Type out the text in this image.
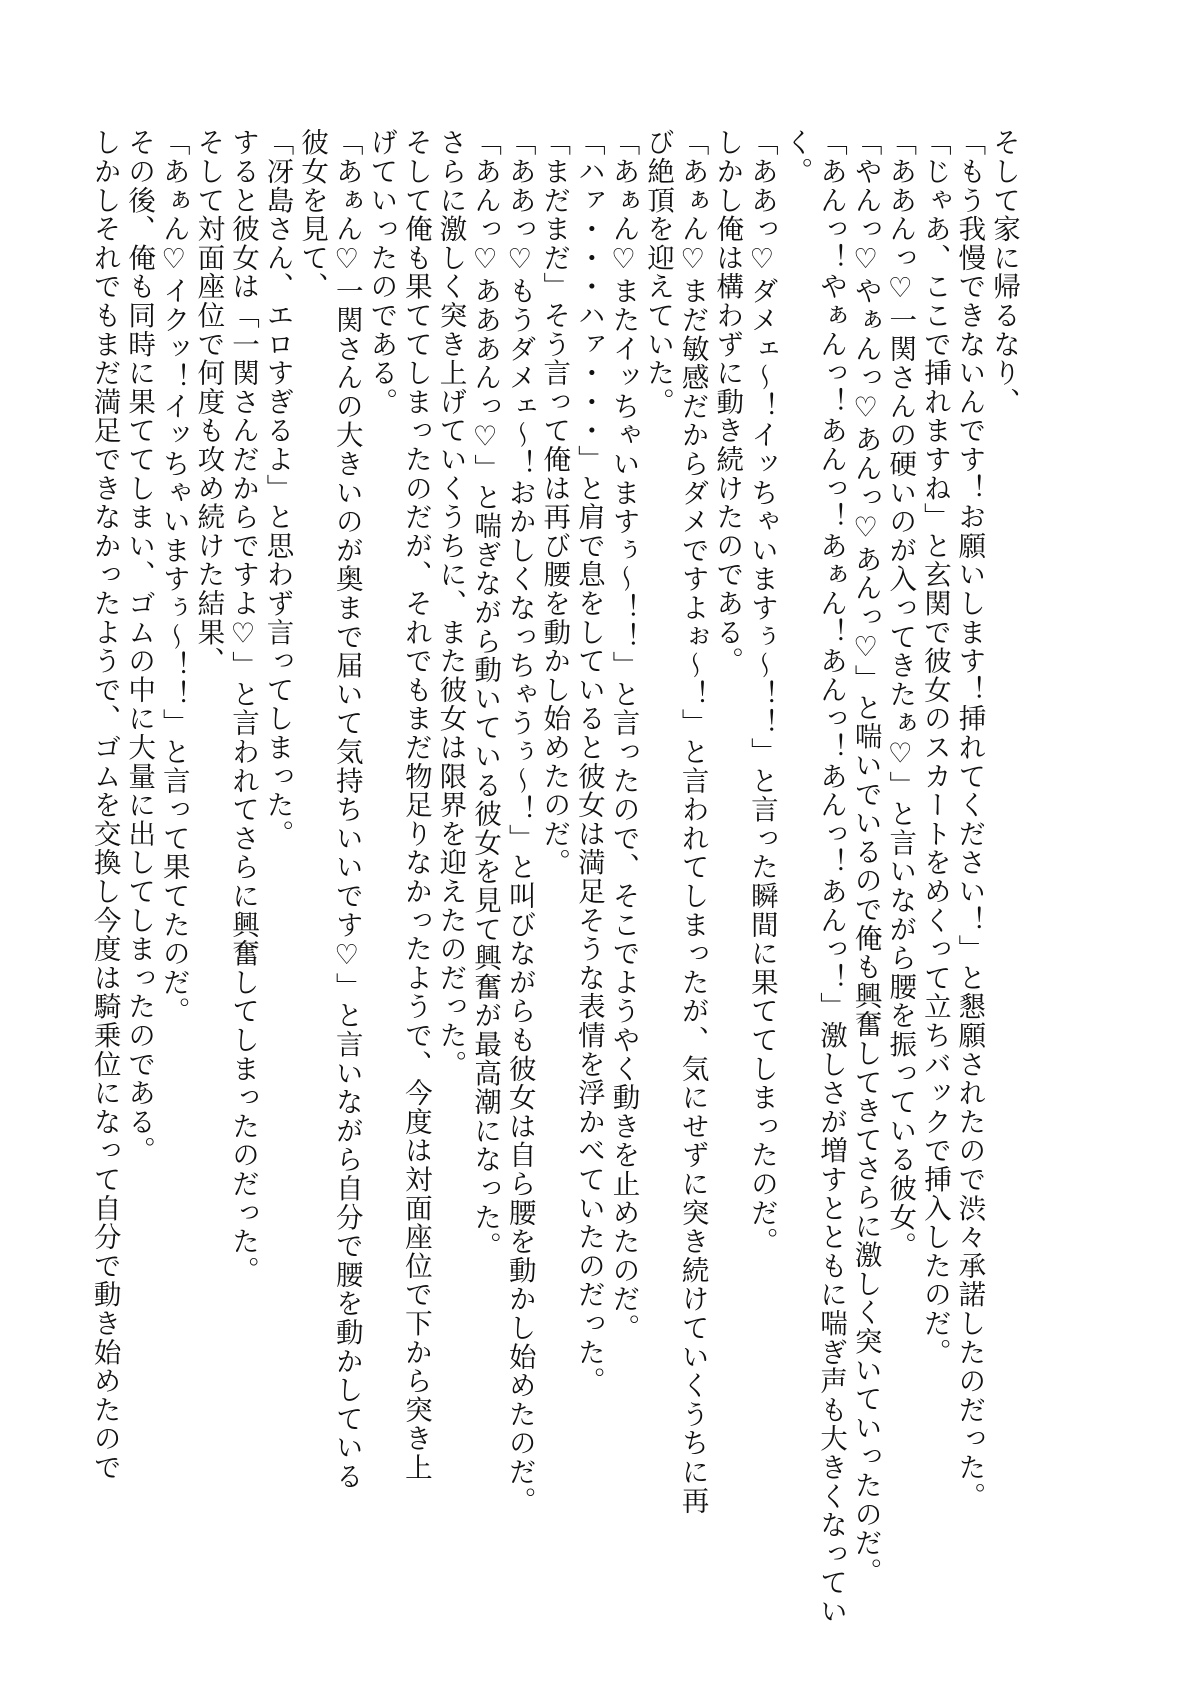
そして家に帰るなり、
「もう我慢できないんです！お願いします！挿れてください！」と懇願されたので渋々承諾したのだった。
「じゃあ、ここで挿れますね」と玄関で彼女のスカートをめくって立ちバックで挿入したのだ。
「ああんっ♡一関さんの硬いのが入ってきたぁ♡」と言いながら腰を振っている彼女。
「やんっ♡やぁんっ♡あんっ♡あんっ♡」と喘いでいるので俺も興奮してきてさらに激しく突いていったのだ。
「あんっ！やぁんっ！あんっ！あぁん！あんっ！あんっ！あんっ！」激しさが増すとともに喘ぎ声も大きくなってい
く。
「ああっ♡ダメェ～！イッちゃいますぅ～！！」と言った瞬間に果ててしまったのだ。
しかし俺は構わずに動き続けたのである。
「あぁん♡まだ敏感だからダメですよぉ～！」と言われてしまったが、気にせずに突き続けていくうちに再
び絶頂を迎えていた。
「あぁん♡またイッちゃいますぅ～！！」と言ったので、そこでようやく動きを止めたのだ。
「ハァ・・・ハァ・・・」と肩で息をしていると彼女は満足そうな表情を浮かべていたのだった。
「まだまだ」そう言って俺は再び腰を動かし始めたのだ。
「ああっ♡もうダメェ～！おかしくなっちゃうぅ～！」と叫びながらも彼女は自ら腰を動かし始めたのだ。
「あんっ♡あああんっ♡」と喘ぎながら動いている彼女を見て興奮が最高潮になった。
さらに激しく突き上げていくうちに、また彼女は限界を迎えたのだった。
そして俺も果ててしまったのだが、それでもまだ物足りなかったようで、今度は対面座位で下から突き上
げていったのである。
「あぁん♡一関さんの大きいのが奥まで届いて気持ちいいです♡」と言いながら自分で腰を動かしている
彼女を見て、
「冴島さん、エロすぎるよ」と思わず言ってしまった。
すると彼女は「一関さんだからですよ♡」と言われてさらに興奮してしまったのだった。
そして対面座位で何度も攻め続けた結果、
「あぁん♡イクッ！イッちゃいますぅ～！！」と言って果てたのだ。
その後、俺も同時に果ててしまい、ゴムの中に大量に出してしまったのである。
しかしそれでもまだ満足できなかったようで、ゴムを交換し今度は騎乗位になって自分で動き始めたので
